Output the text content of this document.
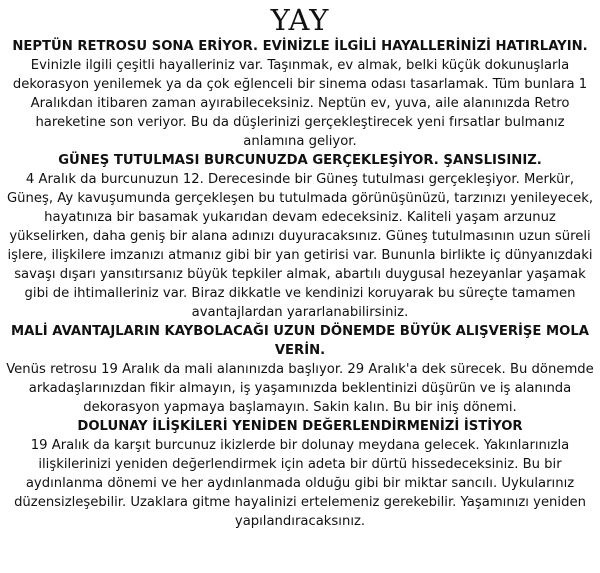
YAY
NEPTÜN RETROSU SONA ERİYOR. EVİNİZLE İLGİLİ HAYALLERİNİZİ HATIRLAYIN.

Evinizle ilgili çeşitli hayalleriniz var. Taşınmak, ev almak, belki küçük dokunuşlarla dekorasyon yenilemek ya da çok eğlenceli bir sinema odası tasarlamak. Tüm bunlara 1 Aralıkdan itibaren zaman ayırabileceksiniz. Neptün ev, yuva, aile alanınızda Retro hareketine son veriyor. Bu da düşlerinizi gerçekleştirecek yeni fırsatlar bulmanız anlamına geliyor.

GÜNEŞ TUTULMASI BURCUNUZDA GERÇEKLEŞİYOR. ŞANSLISINIZ.

4 Aralık da burcunuzun 12. Derecesinde bir Güneş tutulması gerçekleşiyor. Merkür, Güneş, Ay kavuşumunda gerçekleşen bu tutulmada görünüşünüzü, tarzınızı yenileyecek, hayatınıza bir basamak yukarıdan devam edeceksiniz. Kaliteli yaşam arzunuz yükselirken, daha geniş bir alana adınızı duyuracaksınız. Güneş tutulmasının uzun süreli işlere, ilişkilere imzanızı atmanız gibi bir yan getirisi var. Bununla birlikte iç dünyanızdaki savaşı dışarı yansıtırsanız büyük tepkiler almak, abartılı duygusal hezeyanlar yaşamak gibi de ihtimalleriniz var. Biraz dikkatle ve kendinizi koruyarak bu süreçte tamamen avantajlardan yararlanabilirsiniz.

MALİ AVANTAJLARIN KAYBOLACAĞI UZUN DÖNEMDE BÜYÜK ALIŞVERİŞE MOLA VERİN.

Venüs retrosu 19 Aralık da mali alanınızda başlıyor. 29 Aralık'a dek sürecek. Bu dönemde arkadaşlarınızdan fikir almayın, iş yaşamınızda beklentinizi düşürün ve iş alanında dekorasyon yapmaya başlamayın. Sakin kalın. Bu bir iniş dönemi.

DOLUNAY İLİŞKİLERİ YENİDEN DEĞERLENDİRMENİZİ İSTİYOR

19 Aralık da karşıt burcunuz ikizlerde bir dolunay meydana gelecek. Yakınlarınızla ilişkilerinizi yeniden değerlendirmek için adeta bir dürtü hissedeceksiniz. Bu bir aydınlanma dönemi ve her aydınlanmada olduğu gibi bir miktar sancılı. Uykularınız düzensizleşebilir. Uzaklara gitme hayalinizi ertelemeniz gerekebilir. Yaşamınızı yeniden yapılandıracaksınız.
